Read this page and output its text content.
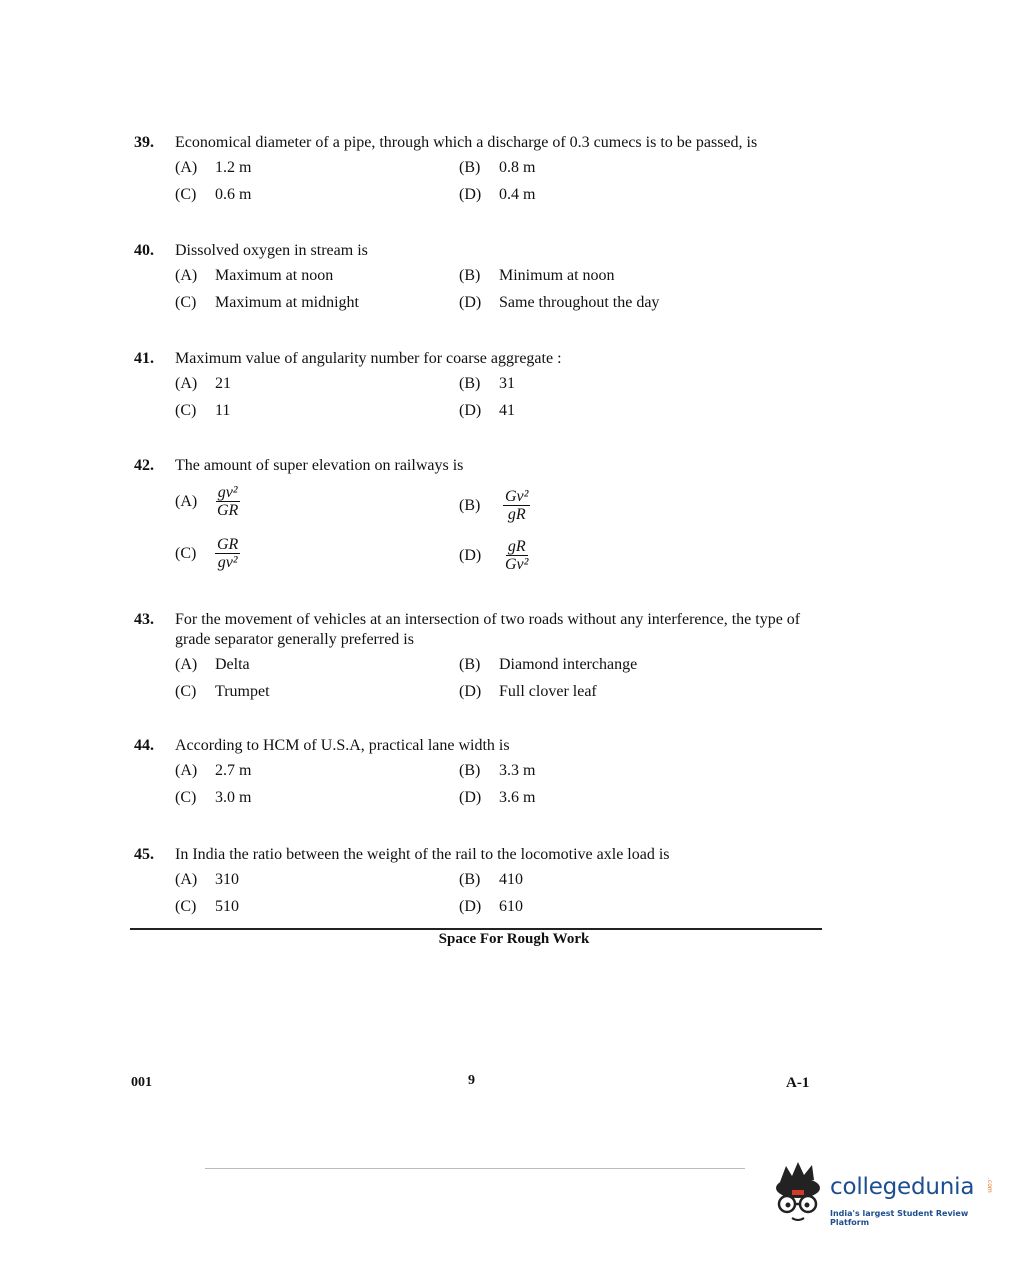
39.	Economical diameter of a pipe, through which a discharge of 0.3 cumecs is to be passed, is
(A)	1.2 m	(B)	0.8 m
(C)	0.6 m	(D)	0.4 m
40.	Dissolved oxygen in stream is
(A)	Maximum at noon	(B)	Minimum at noon
(C)	Maximum at midnight	(D)	Same throughout the day
41.	Maximum value of angularity number for coarse aggregate :
(A)	21	(B)	31
(C)	11	(D)	41
42.	The amount of super elevation on railways is
(A)	$\frac{\text{gv²}}{GR}$	(B)	$\frac{\text{Gv²}}{gR}$
(C)	$\frac{GR}{\text{gv²}}$	(D)	$\frac{gR}{\text{Gv²}}$
43.	For the movement of vehicles at an intersection of two roads without any interference, the type of grade separator generally preferred is
(A)	Delta	(B)	Diamond interchange
(C)	Trumpet	(D)	Full clover leaf
44.	According to HCM of U.S.A, practical lane width is
(A)	2.7 m	(B)	3.3 m
(C)	3.0 m	(D)	3.6 m
45.	In India the ratio between the weight of the rail to the locomotive axle load is
(A)	310	(B)	410
(C)	510	(D)	610
Space For Rough Work
001	9	A-1
collegedunia .com
India's largest Student Review Platform
